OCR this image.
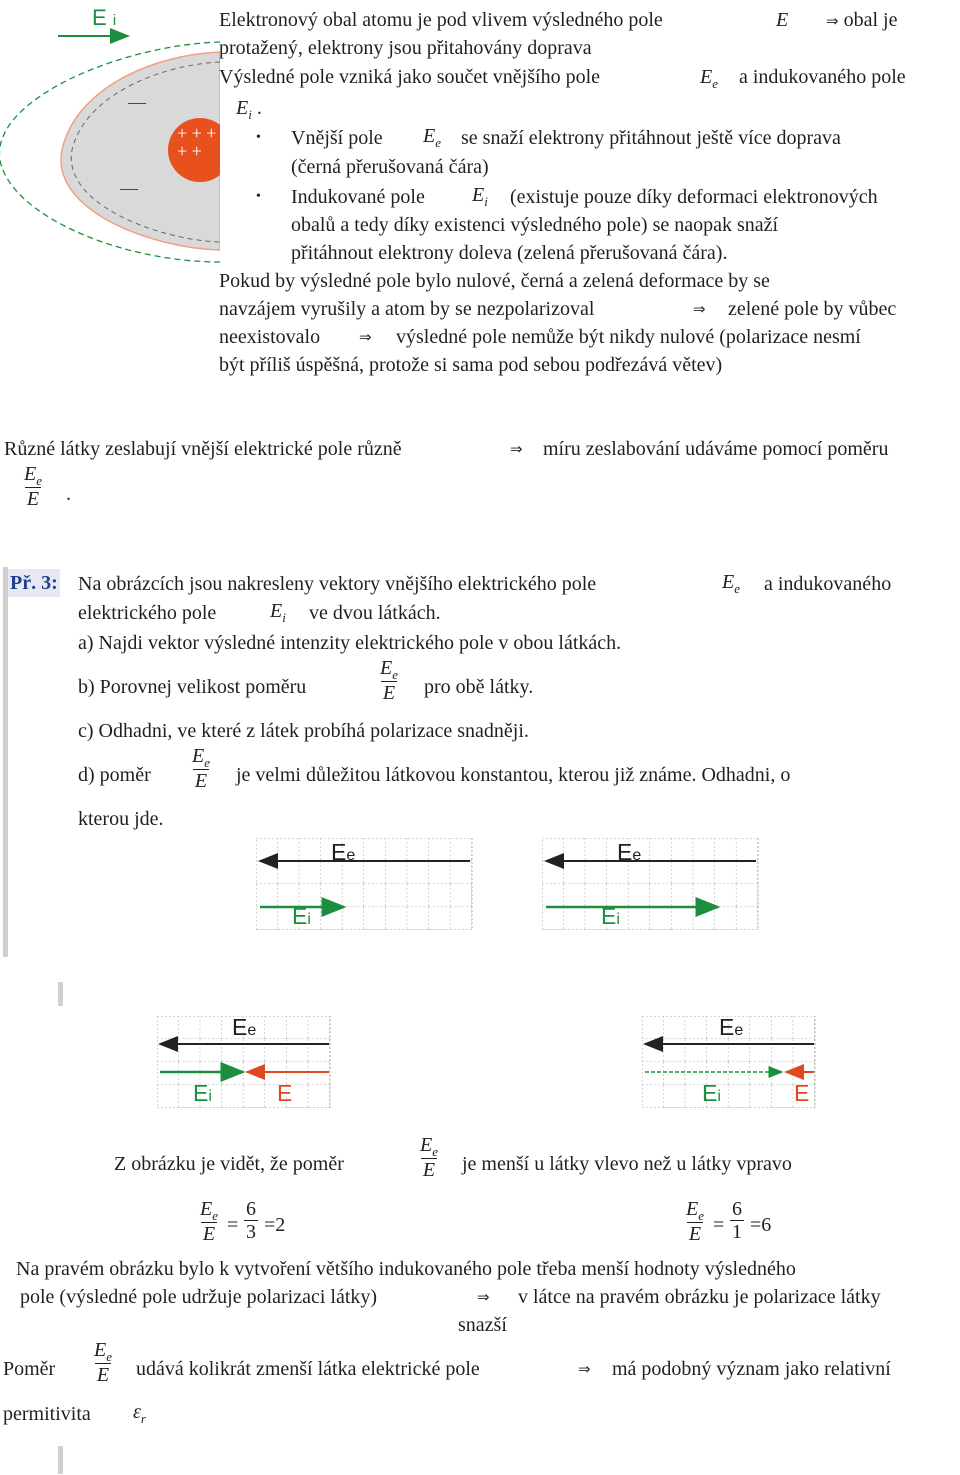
—
—
E i
+ + + + +
Elektronový obal atomu je pod vlivem výsledného pole	E	⇒ obal je
protažený, elektrony jsou přitahovány doprava
Výsledné pole vzniká jako součet vnějšího pole	$E_e$ a indukovaného pole
$E_i$ .
• Vnější pole $E_e$ se snaží elektrony přitáhnout ještě více doprava
(černá přerušovaná čára)
• Indukované pole $E_i$ (existuje pouze díky deformaci elektronových
obalů a tedy díky existenci výsledného pole) se naopak snaží
přitáhnout elektrony doleva (zelená přerušovaná čára).
Pokud by výsledné pole bylo nulové, černá a zelená deformace by se
navzájem vyrušily a atom by se nezpolarizoval	⇒ zelené pole by vůbec
neexistovalo	⇒ výsledné pole nemůže být nikdy nulové (polarizace nesmí
být příliš úspěšná, protože si sama pod sebou podřezává větev)
Různé látky zeslabují vnější elektrické pole různě	⇒ míru zeslabování udáváme pomocí poměru
$\frac{E_e}{E}$ .
Př. 3: Na obrázcích jsou nakresleny vektory vnějšího elektrického pole	$E_e$ a indukovaného
elektrického pole	$E_i$ ve dvou látkách.
a) Najdi vektor výsledné intenzity elektrického pole v obou látkách.
b) Porovnej velikost poměru	$\frac{E_e}{E}$ pro obě látky.
c) Odhadni, ve které z látek probíhá polarizace snadněji.
d) poměr $\frac{E_e}{E}$ je velmi důležitou látkovou konstantou, kterou již známe. Odhadni, o
kterou jde.
Ee
Ei
Ee
Ei
Ee
Ei	E
Ee
Ei	E
Z obrázku je vidět, že poměr	$\frac{E_e}{E}$ je menší u látky vlevo než u látky vpravo
$\frac{E_e}{E} = \frac{6}{3} =2$	$\frac{E_e}{E} = \frac{6}{1} =6$
Na pravém obrázku bylo k vytvoření většího indukovaného pole třeba menší hodnoty výsledného
pole (výsledné pole udržuje polarizaci látky)	⇒ v látce na pravém obrázku je polarizace látky
snazší
Poměr $\frac{E_e}{E}$ udává kolikrát zmenší látka elektrické pole	⇒ má podobný význam jako relativní
permitivita $\varepsilon_r$
